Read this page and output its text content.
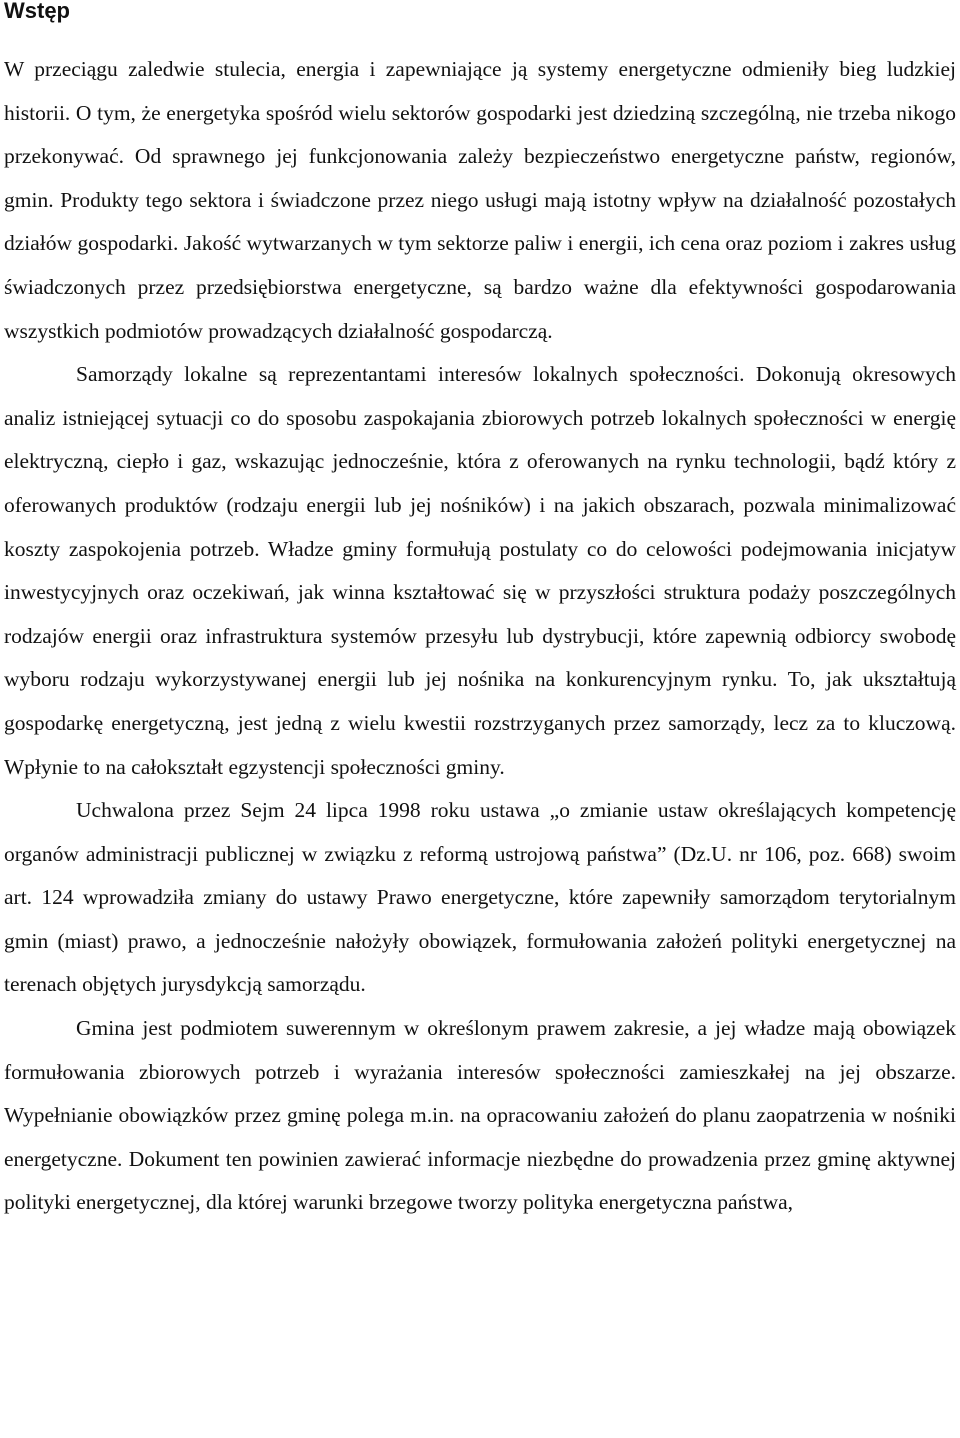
Wstęp

W przeciągu zaledwie stulecia, energia i zapewniające ją systemy energetyczne odmieniły bieg ludzkiej historii. O tym, że energetyka spośród wielu sektorów gospodarki jest dziedziną szczególną, nie trzeba nikogo przekonywać. Od sprawnego jej funkcjonowania zależy bezpieczeństwo energetyczne państw, regionów, gmin. Produkty tego sektora i świadczone przez niego usługi mają istotny wpływ na działalność pozostałych działów gospodarki. Jakość wytwarzanych w tym sektorze paliw i energii, ich cena oraz poziom i zakres usług świadczonych przez przedsiębiorstwa energetyczne, są bardzo ważne dla efektywności gospodarowania wszystkich podmiotów prowadzących działalność gospodarczą.

Samorządy lokalne są reprezentantami interesów lokalnych społeczności. Dokonują okresowych analiz istniejącej sytuacji co do sposobu zaspokajania zbiorowych potrzeb lokalnych społeczności w energię elektryczną, ciepło i gaz, wskazując jednocześnie, która z oferowanych na rynku technologii, bądź który z oferowanych produktów (rodzaju energii lub jej nośników) i na jakich obszarach, pozwala minimalizować koszty zaspokojenia potrzeb. Władze gminy formułują postulaty co do celowości podejmowania inicjatyw inwestycyjnych oraz oczekiwań, jak winna kształtować się w przyszłości struktura podaży poszczególnych rodzajów energii oraz infrastruktura systemów przesyłu lub dystrybucji, które zapewnią odbiorcy swobodę wyboru rodzaju wykorzystywanej energii lub jej nośnika na konkurencyjnym rynku. To, jak ukształtują gospodarkę energetyczną, jest jedną z wielu kwestii rozstrzyganych przez samorządy, lecz za to kluczową. Wpłynie to na całokształt egzystencji społeczności gminy.

Uchwalona przez Sejm 24 lipca 1998 roku ustawa „o zmianie ustaw określających kompetencję organów administracji publicznej w związku z reformą ustrojową państwa” (Dz.U. nr 106, poz. 668) swoim art. 124 wprowadziła zmiany do ustawy Prawo energetyczne, które zapewniły samorządom terytorialnym gmin (miast) prawo, a jednocześnie nałożyły obowiązek, formułowania założeń polityki energetycznej na terenach objętych jurysdykcją samorządu.

Gmina jest podmiotem suwerennym w określonym prawem zakresie, a jej władze mają obowiązek formułowania zbiorowych potrzeb i wyrażania interesów społeczności zamieszkałej na jej obszarze. Wypełnianie obowiązków przez gminę polega m.in. na opracowaniu założeń do planu zaopatrzenia w nośniki energetyczne. Dokument ten powinien zawierać informacje niezbędne do prowadzenia przez gminę aktywnej polityki energetycznej, dla której warunki brzegowe tworzy polityka energetyczna państwa,
